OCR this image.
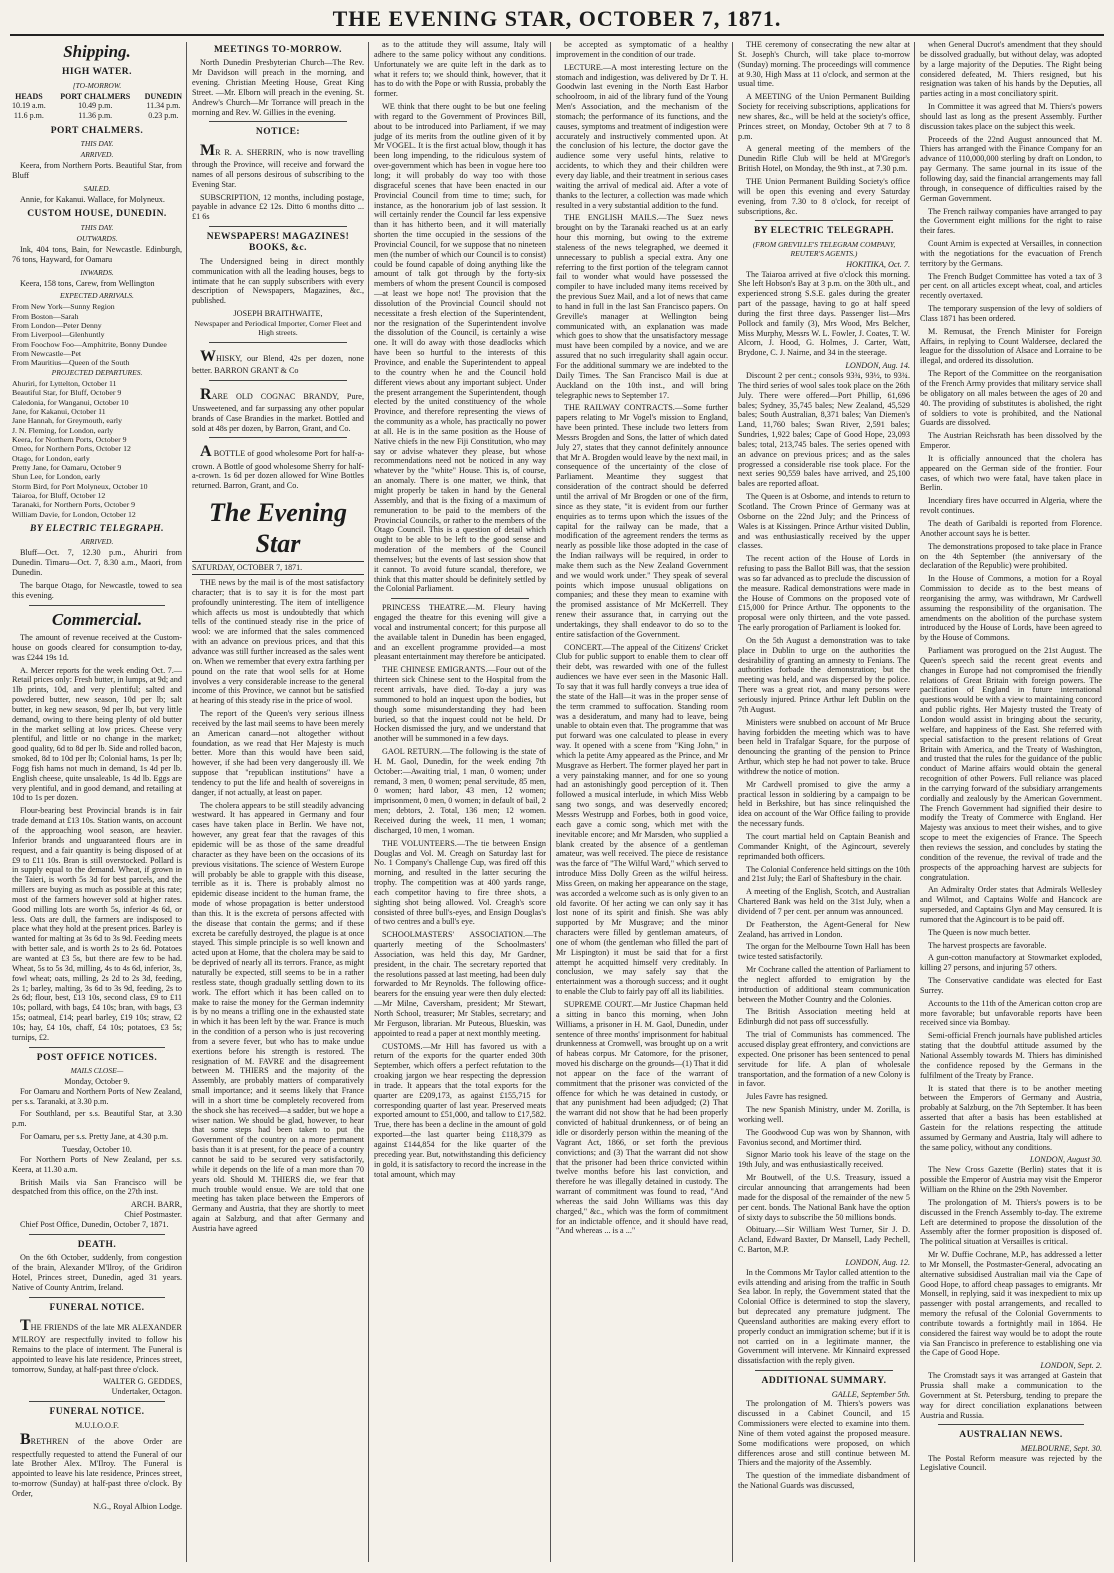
THE EVENING STAR, OCTOBER 7, 1871.
Shipping.
HIGH WATER.
[TO-MORROW.
HEADS
10.19 a.m.
11.6 p.m.
PORT CHALMERS
10.49 p.m.
11.36 p.m.
DUNEDIN
11.34 p.m.
0.23 p.m.
PORT CHALMERS.
THIS DAY.
ARRIVED.

Keera, from Northern Ports. Beautiful Star, from Bluff

SAILED.

Annie, for Kakanui. Wallace, for Molyneux.

CUSTOM HOUSE, DUNEDIN.
THIS DAY.
OUTWARDS.

Ink, 404 tons, Bain, for Newcastle. Edinburgh, 76 tons, Hayward, for Oamaru

INWARDS.

Keera, 158 tons, Carew, from Wellington

EXPECTED ARRIVALS.
From New York—Sunny Region
From Boston—Sarah
From London—Peter Denny
From Liverpool—Glenhuntly
From Foochow Foo—Amphitrite, Bonny Dundee
From Newcastle—Pet
From Mauritius—Queen of the South
PROJECTED DEPARTURES.
Ahuriri, for Lyttelton, October 11
Beautiful Star, for Bluff, October 9
Caledonia, for Wanganui, October 10
Jane, for Kakanui, October 11
Jane Hannah, for Greymouth, early
J. N. Fleming, for London, early
Keera, for Northern Ports, October 9
Omeo, for Northern Ports, October 12
Otago, for London, early
Pretty Jane, for Oamaru, October 9
Shun Lee, for London, early
Storm Bird, for Port Molyneux, October 10
Taiaroa, for Bluff, October 12
Taranaki, for Northern Ports, October 9
William Davie, for London, October 12
BY ELECTRIC TELEGRAPH.
ARRIVED.

Bluff—Oct. 7, 12.30 p.m., Ahuriri from Dunedin. Timaru—Oct. 7, 8.30 a.m., Maori, from Dunedin.

The barque Otago, for Newcastle, towed to sea this evening.

Commercial.

The amount of revenue received at the Custom-house on goods cleared for consumption to-day, was £244 19s 1d.

A. Mercer reports for the week ending Oct. 7.—Retail prices only: Fresh butter, in lumps, at 9d; and 1lb prints, 10d, and very plentiful; salted and powdered butter, new season, 10d per lb; salt butter, in keg new season, 9d per lb, but very little demand, owing to there being plenty of old butter in the market selling at low prices. Cheese very plentiful, and little or no change in the market; good quality, 6d to 8d per lb. Side and rolled bacon, smoked, 8d to 10d per lb; Colonial hams, 1s per lb; Fogg fish hams not much in demand, 1s 4d per lb. English cheese, quite unsaleable, 1s 4d lb. Eggs are very plentiful, and in good demand, and retailing at 10d to 1s per dozen.

Flour-bearing best Provincial brands is in fair trade demand at £13 10s. Station wants, on account of the approaching wool season, are heavier. Inferior brands and unguaranteed flours are in request, and a fair quantity is being disposed of at £9 to £11 10s. Bran is still overstocked. Pollard is in supply equal to the demand. Wheat, if grown in the Taieri, is worth 5s 3d for best parcels, and the millers are buying as much as possible at this rate; most of the farmers however sold at higher rates. Good milling lots are worth 5s, inferior 4s 6d, or less. Oats are dull, the farmers are indisposed to place what they hold at the present prices. Barley is wanted for malting at 3s 6d to 3s 9d. Feeding meets with better sale, and is worth 2s to 2s 6d. Potatoes are wanted at £3 5s, but there are few to be had. Wheat, 5s to 5s 3d, milling, 4s to 4s 6d, inferior, 3s, fowl wheat; oats, milling, 2s 2d to 2s 3d, feeding, 2s 1; barley, malting, 3s 6d to 3s 9d, feeding, 2s to 2s 6d; flour, best, £13 10s, second class, £9 to £11 10s; pollard, with bags, £4 10s; bran, with bags, £3 15s; oatmeal, £14; pearl barley, £19 10s; straw, £2 10s; hay, £4 10s, chaff, £4 10s; potatoes, £3 5s; turnips, £2.

POST OFFICE NOTICES.
MAILS CLOSE—
Monday, October 9.

For Oamaru and Northern Ports of New Zealand, per s.s. Taranaki, at 3.30 p.m.

For Southland, per s.s. Beautiful Star, at 3.30 p.m.

For Oamaru, per s.s. Pretty Jane, at 4.30 p.m.

Tuesday, October 10.

For Northern Ports of New Zealand, per s.s. Keera, at 11.30 a.m.

British Mails via San Francisco will be despatched from this office, on the 27th inst.

ARCH. BARR,
Chief Postmaster.

Chief Post Office, Dunedin, October 7, 1871.

DEATH.

On the 6th October, suddenly, from congestion of the brain, Alexander M'Ilroy, of the Gridiron Hotel, Princes street, Dunedin, aged 31 years. Native of County Antrim, Ireland.

FUNERAL NOTICE.

THE FRIENDS of the late MR ALEXANDER M'ILROY are respectfully invited to follow his Remains to the place of interment. The Funeral is appointed to leave his late residence, Princes street, tomorrow, Sunday, at half-past three o'clock.

WALTER G. GEDDES,
Undertaker, Octagon.
FUNERAL NOTICE.
M.U.I.O.O.F.

BRETHREN of the above Order are respectfully requested to attend the Funeral of our late Brother Alex. M'Ilroy. The Funeral is appointed to leave his late residence, Princes street, to-morrow (Sunday) at half-past three o'clock. By Order,

N.G., Royal Albion Lodge.
MEETINGS TO-MORROW.

North Dunedin Presbyterian Church—The Rev. Mr Davidson will preach in the morning, and evening. Christian Meeting House, Great King Street. —Mr. Elborn will preach in the evening. St. Andrew's Church—Mr Torrance will preach in the morning and Rev. W. Gillies in the evening.

NOTICE:

MR R. A. SHERRIN, who is now travelling through the Province, will receive and forward the names of all persons desirous of subscribing to the Evening Star.

SUBSCRIPTION, 12 months, including postage, payable in advance £2 12s. Ditto 6 months ditto ... £1 6s

NEWSPAPERS! MAGAZINES! BOOKS, &c.

The Undersigned being in direct monthly communication with all the leading houses, begs to intimate that he can supply subscribers with every description of Newspapers, Magazines, &c., published.

JOSEPH BRAITHWAITE,
Newspaper and Periodical Importer, Corner Fleet and High streets.

WHISKY, our Blend, 42s per dozen, none better. BARRON GRANT & Co

RARE OLD COGNAC BRANDY, Pure, Unsweetened, and far surpassing any other popular brands of Case Brandies in the market. Bottled and sold at 48s per dozen, by Barron, Grant, and Co.

A BOTTLE of good wholesome Port for half-a-crown. A Bottle of good wholesome Sherry for half-a-crown. 1s 6d per dozen allowed for Wine Bottles returned. Barron, Grant, and Co.

The Evening Star
SATURDAY, OCTOBER 7, 1871.

THE news by the mail is of the most satisfactory character; that is to say it is for the most part profoundly uninteresting. The item of intelligence which affects us most is undoubtedly that which tells of the continued steady rise in the price of wool: we are informed that the sales commenced with an advance on previous prices, and that this advance was still further increased as the sales went on. When we remember that every extra farthing per pound on the rate that wool sells for at Home involves a very considerable increase to the general income of this Province, we cannot but be satisfied at hearing of this steady rise in the price of wool.

The report of the Queen's very serious illness received by the last mail seems to have been merely an American canard—not altogether without foundation, as we read that Her Majesty is much better. More than this would have been said, however, if she had been very dangerously ill. We suppose that "republican institutions" have a tendency to put the life and health of sovereigns in danger, if not actually, at least on paper.

The cholera appears to be still steadily advancing westward. It has appeared in Germany and four cases have taken place in Berlin. We have not, however, any great fear that the ravages of this epidemic will be as those of the same dreadful character as they have been on the occasions of its previous visitations. The science of Western Europe will probably be able to grapple with this disease, terrible as it is. There is probably almost no epidemic disease incident to the human frame, the mode of whose propagation is better understood than this. It is the excreta of persons affected with the disease that contain the germs; and if these excreta be carefully destroyed, the plague is at once stayed. This simple principle is so well known and acted upon at Home, that the cholera may be said to be deprived of nearly all its terrors. France, as might naturally be expected, still seems to be in a rather restless state, though gradually settling down to its work. The effort which it has been called on to make to raise the money for the German indemnity is by no means a trifling one in the exhausted state in which it has been left by the war. France is much in the condition of a person who is just recovering from a severe fever, but who has to make undue exertions before his strength is restored. The resignation of M. FAVRE and the disagreement between M. THIERS and the majority of the Assembly, are probably matters of comparatively small importance; and it seems likely that France will in a short time be completely recovered from the shock she has received—a sadder, but we hope a wiser nation. We should be glad, however, to hear that some steps had been taken to put the Government of the country on a more permanent basis than it is at present, for the peace of a country cannot be said to be secured very satisfactorily, while it depends on the life of a man more than 70 years old. Should M. THIERS die, we fear that much trouble would ensue. We are told that one meeting has taken place between the Emperors of Germany and Austria, that they are shortly to meet again at Salzburg, and that after Germany and Austria have agreed

as to the attitude they will assume, Italy will adhere to the same policy without any conditions. Unfortunately we are quite left in the dark as to what it refers to; we should think, however, that it has to do with the Pope or with Russia, probably the former.

WE think that there ought to be but one feeling with regard to the Government of Provinces Bill, about to be introduced into Parliament, if we may judge of its merits from the outline given of it by Mr VOGEL. It is the first actual blow, though it has been long impending, to the ridiculous system of over-government which has been in vogue here too long; it will probably do way too with those disgraceful scenes that have been enacted in our Provincial Council from time to time; such, for instance, as the honorarium job of last session. It will certainly render the Council far less expensive than it has hitherto been, and it will materially shorten the time occupied in the sessions of the Provincial Council, for we suppose that no nineteen men (the number of which our Council is to consist) could be found capable of doing anything like the amount of talk got through by the forty-six members of whom the present Council is composed—at least we hope not! The provision that the dissolution of the Provincial Council should not necessitate a fresh election of the Superintendent, nor the resignation of the Superintendent involve the dissolution of the Council, is certainly a wise one. It will do away with those deadlocks which have been so hurtful to the interests of this Province, and enable the Superintendent to appeal to the country when he and the Council hold different views about any important subject. Under the present arrangement the Superintendent, though elected by the united constituency of the whole Province, and therefore representing the views of the community as a whole, has practically no power at all. He is in the same position as the House of Native chiefs in the new Fiji Constitution, who may say or advise whatever they please, but whose recommendations need not be noticed in any way whatever by the "white" House. This is, of course, an anomaly. There is one matter, we think, that might properly be taken in hand by the General Assembly, and that is the fixing of a maximum of remuneration to be paid to the members of the Provincial Councils, or rather to the members of the Otago Council. This is a question of detail which ought to be able to be left to the good sense and moderation of the members of the Council themselves; but the events of last session show that it cannot. To avoid future scandal, therefore, we think that this matter should be definitely settled by the Colonial Parliament.

PRINCESS THEATRE.—M. Fleury having engaged the theatre for this evening will give a vocal and instrumental concert; for this purpose all the available talent in Dunedin has been engaged, and an excellent programme provided—a most pleasant entertainment may therefore be anticipated.

THE CHINESE EMIGRANTS.—Four out of the thirteen sick Chinese sent to the Hospital from the recent arrivals, have died. To-day a jury was summoned to hold an inquest upon the bodies, but though some misunderstanding they had been buried, so that the inquest could not be held. Dr Hocken dismissed the jury, and we understand that another will be summoned in a few days.

GAOL RETURN.—The following is the state of H. M. Gaol, Dunedin, for the week ending 7th October:—Awaiting trial, 1 man, 0 women; under remand, 3 men, 0 women; penal servitude, 85 men, 0 women; hard labor, 43 men, 12 women; imprisonment, 0 men, 0 women; in default of bail, 2 men; debtors, 2. Total, 136 men; 12 women. Received during the week, 11 men, 1 woman; discharged, 10 men, 1 woman.

THE VOLUNTEERS.—The tie between Ensign Douglas and Vol. M. Creagh on Saturday last for No. 1 Company's Challenge Cup, was fired off this morning, and resulted in the latter securing the trophy. The competition was at 400 yards range, each competitor having to fire three shots, a sighting shot being allowed. Vol. Creagh's score consisted of three bull's-eyes, and Ensign Douglas's of two centres and a bull's eye.

SCHOOLMASTERS' ASSOCIATION.—The quarterly meeting of the Schoolmasters' Association, was held this day, Mr Gardner, president, in the chair. The secretary reported that the resolutions passed at last meeting, had been duly forwarded to Mr Reynolds. The following office-bearers for the ensuing year were then duly elected: —Mr Milne, Caversham, president; Mr Stewart, North School, treasurer; Mr Stables, secretary; and Mr Ferguson, librarian. Mr Puteous, Blueskin, was appointed to read a paper at next monthly meeting.

CUSTOMS.—Mr Hill has favored us with a return of the exports for the quarter ended 30th September, which offers a perfect refutation to the croaking jargon we hear respecting the depression in trade. It appears that the total exports for the quarter are £209,173, as against £155,715 for corresponding quarter of last year. Preserved meats exported amount to £51,000, and tallow to £17,582. True, there has been a decline in the amount of gold exported—the last quarter being £118,379 as against £144,854 for the like quarter of the preceding year. But, notwithstanding this deficiency in gold, it is satisfactory to record the increase in the total amount, which may

be accepted as symptomatic of a healthy improvement in the condition of our trade.

LECTURE.—A most interesting lecture on the stomach and indigestion, was delivered by Dr T. H. Goodwin last evening in the North East Harbor schoolroom, in aid of the library fund of the Young Men's Association, and the mechanism of the stomach; the performance of its functions, and the causes, symptoms and treatment of indigestion were accurately and instructively commented upon. At the conclusion of his lecture, the doctor gave the audience some very useful hints, relative to accidents, to which they and their children were every day liable, and their treatment in serious cases waiting the arrival of medical aid. After a vote of thanks to the lecturer, a collection was made which resulted in a very substantial addition to the fund.

THE ENGLISH MAILS.—The Suez news brought on by the Taranaki reached us at an early hour this morning, but owing to the extreme staleness of the news telegraphed, we deemed it unnecessary to publish a special extra. Any one referring to the first portion of the telegram cannot fail to wonder what would have possessed the compiler to have included many items received by the previous Suez Mail, and a lot of news that came to hand in full in the last San Francisco papers. On Greville's manager at Wellington being communicated with, an explanation was made which goes to show that the unsatisfactory message must have been compiled by a novice, and we are assured that no such irregularity shall again occur. For the additional summary we are indebted to the Daily Times. The San Francisco Mail is due at Auckland on the 10th inst., and will bring telegraphic news to September 17.

THE RAILWAY CONTRACTS.—Some further papers relating to Mr Vogel's mission to England, have been printed. These include two letters from Messrs Brogden and Sons, the latter of which dated July 27, states that they cannot definitely announce that Mr A. Brogden would leave by the next mail, in consequence of the uncertainty of the close of Parliament. Meantime they suggest that consideration of the contract should be deferred until the arrival of Mr Brogden or one of the firm, since as they state, "it is evident from our further enquiries as to terms upon which the issues of the capital for the railway can be made, that a modification of the agreement renders the terms as nearly as possible like those adopted in the case of the Indian railways will be required, in order to make them such as the New Zealand Government and we would work under." They speak of several points which impose unusual obligations on companies; and these they mean to examine with the promised assistance of Mr McKerrell. They renew their assurance that, in carrying out the undertakings, they shall endeavor to do so to the entire satisfaction of the Government.

CONCERT.—The appeal of the Citizens' Cricket Club for public support to enable them to clear off their debt, was rewarded with one of the fullest audiences we have ever seen in the Masonic Hall. To say that it was full hardly conveys a true idea of the state of the Hall—it was in the proper sense of the term crammed to suffocation. Standing room was a desideratum, and many had to leave, being unable to obtain even that. The programme that was put forward was one calculated to please in every way. It opened with a scene from "King John," in which la petite Amy appeared as the Prince, and Mr Musgrave as Herbert. The former played her part in a very painstaking manner, and for one so young had an astonishingly good perception of it. Then followed a musical interlude, in which Miss Webb sang two songs, and was deservedly encored; Messrs Westrupp and Forbes, both in good voice, each gave a comic song, which met with the inevitable encore; and Mr Marsden, who supplied a blank created by the absence of a gentleman amateur, was well received. The piece de resistance was the farce of "The Wilful Ward," which served to introduce Miss Dolly Green as the wilful heiress. Miss Green, on making her appearance on the stage, was accorded a welcome such as is only given to an old favorite. Of her acting we can only say it has lost none of its spirit and finish. She was ably supported by Mr Musgrave; and the minor characters were filled by gentleman amateurs, of one of whom (the gentleman who filled the part of Mr Lispington) it must be said that for a first attempt he acquitted himself very creditably. In conclusion, we may safely say that the entertainment was a thorough success; and it ought to enable the Club to fairly pay off all its liabilities.

SUPREME COURT.—Mr Justice Chapman held a sitting in banco this morning, when John Williams, a prisoner in H. M. Gaol, Dunedin, under sentence of three months' imprisonment for habitual drunkenness at Cromwell, was brought up on a writ of habeas corpus. Mr Catomore, for the prisoner, moved his discharge on the grounds—(1) That it did not appear on the face of the warrant of commitment that the prisoner was convicted of the offence for which he was detained in custody, or that any punishment had been adjudged; (2) That the warrant did not show that he had been properly convicted of habitual drunkenness, or of being an idle or disorderly person within the meaning of the Vagrant Act, 1866, or set forth the previous convictions; and (3) That the warrant did not show that the prisoner had been thrice convicted within twelve months before his last conviction, and therefore he was illegally detained in custody. The warrant of commitment was found to read, "And whereas the said John Williams was this day charged," &c., which was the form of commitment for an indictable offence, and it should have read, "And whereas ... is a ..."

THE ceremony of consecrating the new altar at St. Joseph's Church, will take place to-morrow (Sunday) morning. The proceedings will commence at 9.30, High Mass at 11 o'clock, and sermon at the usual time.

A MEETING of the Union Permanent Building Society for receiving subscriptions, applications for new shares, &c., will be held at the society's office, Princes street, on Monday, October 9th at 7 to 8 p.m.

A general meeting of the members of the Dunedin Rifle Club will be held at M'Gregor's British Hotel, on Monday, the 9th inst., at 7.30 p.m.

THE Union Permanent Building Society's office will be open this evening and every Saturday evening, from 7.30 to 8 o'clock, for receipt of subscriptions, &c.

BY ELECTRIC TELEGRAPH.
(FROM GREVILLE'S TELEGRAM COMPANY, REUTER'S AGENTS.)
HOKITIKA, Oct. 7.

The Taiaroa arrived at five o'clock this morning. She left Hobson's Bay at 3 p.m. on the 30th ult., and experienced strong S.S.E. gales during the greater part of the passage, having to go at half speed during the first three days. Passenger list—Mrs Pollock and family (3), Mrs Wood, Mrs Belcher, Miss Murphy, Messrs W. L. Fowler, J. Coates, T. W. Alcorn, J. Hood, G. Holmes, J. Carter, Watt, Brydone, C. J. Nairne, and 34 in the steerage.

LONDON, Aug. 14.

Discount 2 per cent.; consols 93¾, 93½, to 93¾. The third series of wool sales took place on the 26th July. There were offered—Port Phillip, 61,696 bales; Sydney, 35,745 bales; New Zealand, 45,529 bales; South Australian, 8,371 bales; Van Diemen's Land, 11,760 bales; Swan River, 2,591 bales; Sundries, 1,922 bales; Cape of Good Hope, 23,093 bales; total, 213,745 bales. The series opened with an advance on previous prices; and as the sales progressed a considerable rise took place. For the next series 90,559 bales have arrived, and 25,100 bales are reported afloat.

The Queen is at Osborne, and intends to return to Scotland. The Crown Prince of Germany was at Osborne on the 22nd July; and the Princess of Wales is at Kissingen. Prince Arthur visited Dublin, and was enthusiastically received by the upper classes.

The recent action of the House of Lords in refusing to pass the Ballot Bill was, that the session was so far advanced as to preclude the discussion of the measure. Radical demonstrations were made in the House of Commons on the proposed vote of £15,000 for Prince Arthur. The opponents to the proposal were only thirteen, and the vote passed. The early prorogation of Parliament is looked for.

On the 5th August a demonstration was to take place in Dublin to urge on the authorities the desirability of granting an amnesty to Fenians. The authorities forbade the demonstration; but the meeting was held, and was dispersed by the police. There was a great riot, and many persons were seriously injured. Prince Arthur left Dublin on the 7th August.

Ministers were snubbed on account of Mr Bruce having forbidden the meeting which was to have been held in Trafalgar Square, for the purpose of denouncing the granting of the pension to Prince Arthur, which step he had not power to take. Bruce withdrew the notice of motion.

Mr Cardwell promised to give the army a practical lesson in soldiering by a campaign to be held in Berkshire, but has since relinquished the idea on account of the War Office failing to provide the necessary funds.

The court martial held on Captain Beanish and Commander Knight, of the Agincourt, severely reprimanded both officers.

The Colonial Conference held sittings on the 10th and 21st July; the Earl of Shaftesbury in the chair.

A meeting of the English, Scotch, and Australian Chartered Bank was held on the 31st July, when a dividend of 7 per cent. per annum was announced.

Dr Featherston, the Agent-General for New Zealand, has arrived in London.

The organ for the Melbourne Town Hall has been twice tested satisfactorily.

Mr Cochrane called the attention of Parliament to the neglect afforded to emigration by the introduction of additional steam communication between the Mother Country and the Colonies.

The British Association meeting held at Edinburgh did not pass off successfully.

The trial of Communists has commenced. The accused display great effrontery, and convictions are expected. One prisoner has been sentenced to penal servitude for life. A plan of wholesale transportation, and the formation of a new Colony is in favor.

Jules Favre has resigned.

The new Spanish Ministry, under M. Zorilla, is working well.

The Goodwood Cup was won by Shannon, with Favonius second, and Mortimer third.

Signor Mario took his leave of the stage on the 19th July, and was enthusiastically received.

Mr Boutwell, of the U.S. Treasury, issued a circular announcing that arrangements had been made for the disposal of the remainder of the new 5 per cent. bonds. The National Bank have the option of sixty days to subscribe the 50 millions bonds.

Obituary.—Sir William West Turner, Sir J. D. Acland, Edward Baxter, Dr Mansell, Lady Pechell, C. Barton, M.P.

LONDON, Aug. 12.

In the Commons Mr Taylor called attention to the evils attending and arising from the traffic in South Sea labor. In reply, the Government stated that the Colonial Office is determined to stop the slavery, but deprecated any premature judgment. The Queensland authorities are making every effort to properly conduct an immigration scheme; but if it is not carried on in a legitimate manner, the Government will intervene. Mr Kinnaird expressed dissatisfaction with the reply given.

ADDITIONAL SUMMARY.
GALLE, September 5th.

The prolongation of M. Thiers's powers was discussed in a Cabinet Council, and 15 Commissioners were elected to examine into them. Nine of them voted against the proposed measure. Some modifications were proposed, on which differences arose and still continue between M. Thiers and the majority of the Assembly.

The question of the immediate disbandment of the National Guards was discussed,

when General Ducrot's amendment that they should be dissolved gradually, but without delay, was adopted by a large majority of the Deputies. The Right being considered defeated, M. Thiers resigned, but his resignation was taken of his hands by the Deputies, all parties acting in a most conciliatory spirit.

In Committee it was agreed that M. Thiers's powers should last as long as the present Assembly. Further discussion takes place on the subject this week.

Proceeds of the 22nd August announced that M. Thiers has arranged with the Finance Company for an advance of 110,000,000 sterling by draft on London, to pay Germany. The same journal in its issue of the following day, said the financial arrangements may fall through, in consequence of difficulties raised by the German Government.

The French railway companies have arranged to pay the Government eight millions for the right to raise their fares.

Count Arnim is expected at Versailles, in connection with the negotiations for the evacuation of French territory by the Germans.

The French Budget Committee has voted a tax of 3 per cent. on all articles except wheat, coal, and articles recently overtaxed.

The temporary suspension of the levy of soldiers of Class 1871 has been ordered.

M. Remusat, the French Minister for Foreign Affairs, in replying to Count Waldersee, declared the league for the dissolution of Alsace and Lorraine to be illegal, and ordered its dissolution.

The Report of the Committee on the reorganisation of the French Army provides that military service shall be obligatory on all males between the ages of 20 and 40. The providing of substitutes is abolished, the right of soldiers to vote is prohibited, and the National Guards are dissolved.

The Austrian Reichsrath has been dissolved by the Emperor.

It is officially announced that the cholera has appeared on the German side of the frontier. Four cases, of which two were fatal, have taken place in Berlin.

Incendiary fires have occurred in Algeria, where the revolt continues.

The death of Garibaldi is reported from Florence. Another account says he is better.

The demonstrations proposed to take place in France on the 4th September (the anniversary of the declaration of the Republic) were prohibited.

In the House of Commons, a motion for a Royal Commission to decide as to the best means of reorganising the army, was withdrawn, Mr Cardwell assuming the responsibility of the organisation. The amendments on the abolition of the purchase system introduced by the House of Lords, have been agreed to by the House of Commons.

Parliament was prorogued on the 21st August. The Queen's speech said the recent great events and changes in Europe had not compromised the friendly relations of Great Britain with foreign powers. The pacification of England in future international questions would be with a view to maintaining concord and public rights. Her Majesty trusted the Treaty of London would assist in bringing about the security, welfare, and happiness of the East. She referred with special satisfaction to the present relations of Great Britain with America, and the Treaty of Washington, and trusted that the rules for the guidance of the public conduct of Marine affairs would obtain the general recognition of other Powers. Full reliance was placed in the carrying forward of the subsidiary arrangements cordially and zealously by the American Government. The French Government had signified their desire to modify the Treaty of Commerce with England. Her Majesty was anxious to meet their wishes, and to give scope to meet the exigencies of France. The Speech then reviews the session, and concludes by stating the condition of the revenue, the revival of trade and the prospects of the approaching harvest are subjects for congratulation.

An Admiralty Order states that Admirals Wellesley and Wilmot, and Captains Wolfe and Hancock are superseded, and Captains Glyn and May censured. It is rumored that the Agincourt is to be paid off.

The Queen is now much better.

The harvest prospects are favorable.

A gun-cotton manufactory at Stowmarket exploded, killing 27 persons, and injuring 57 others.

The Conservative candidate was elected for East Surrey.

Accounts to the 11th of the American cotton crop are more favorable; but unfavorable reports have been received since via Bombay.

Semi-official French journals have published articles stating that the doubtful attitude assumed by the National Assembly towards M. Thiers has diminished the confidence reposed by the Germans in the fulfilment of the Treaty by France.

It is stated that there is to be another meeting between the Emperors of Germany and Austria, probably at Salzburg, on the 7th September. It has been asserted that after a basis has been established at Gastein for the relations respecting the attitude assumed by Germany and Austria, Italy will adhere to the same policy, without any conditions.

LONDON, August 30.

The New Cross Gazette (Berlin) states that it is possible the Emperor of Austria may visit the Emperor William on the Rhine on the 29th November.

The prolongation of M. Thiers's powers is to be discussed in the French Assembly to-day. The extreme Left are determined to propose the dissolution of the Assembly after the former proposition is disposed of. The political situation at Versailles is critical.

Mr W. Duffie Cochrane, M.P., has addressed a letter to Mr Monsell, the Postmaster-General, advocating an alternative subsidised Australian mail via the Cape of Good Hope, to afford cheap passages to emigrants. Mr Monsell, in replying, said it was inexpedient to mix up passenger with postal arrangements, and recalled to memory the refusal of the Colonial Governments to contribute towards a fortnightly mail in 1864. He considered the fairest way would be to adopt the route via San Francisco in preference to establishing one via the Cape of Good Hope.

LONDON, Sept. 2.

The Cromstadt says it was arranged at Gastein that Prussia shall make a communication to the Government at St. Petersburg, tending to prepare the way for direct conciliation explanations between Austria and Russia.

AUSTRALIAN NEWS.
MELBOURNE, Sept. 30.

The Postal Reform measure was rejected by the Legislative Council.
